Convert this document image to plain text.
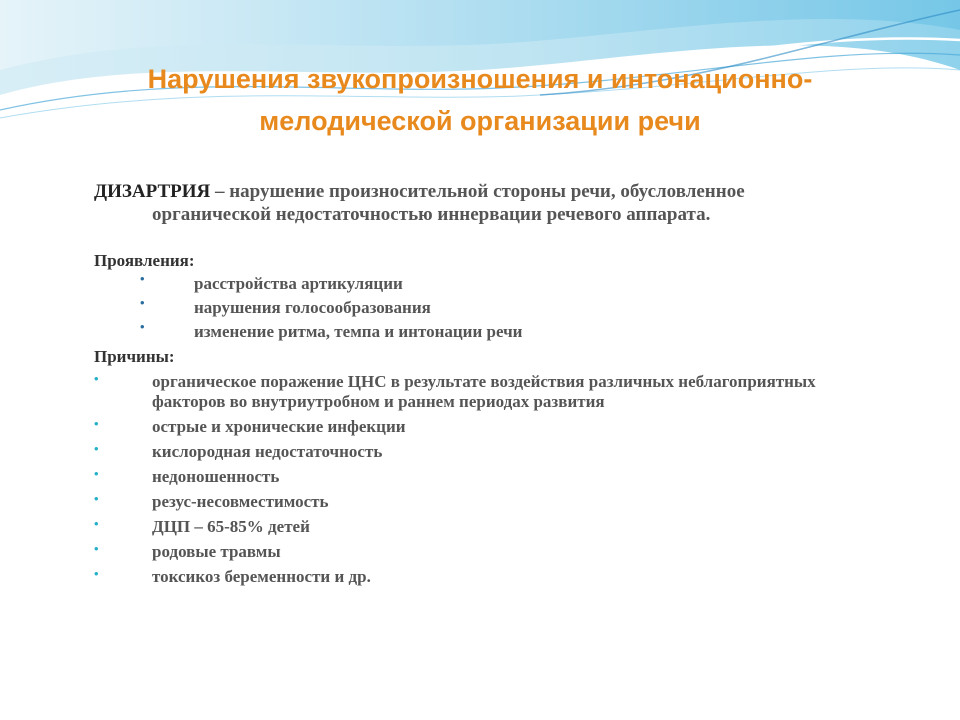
Нарушения звукопроизношения и интонационно-
мелодической организации речи

ДИЗАРТРИЯ – нарушение произносительной стороны речи, обусловленное органической недостаточностью иннервации речевого аппарата.

Проявления:

•	расстройства артикуляции
•	нарушения голосообразования
•	изменение ритма, темпа и интонации речи

Причины:

•	органическое поражение ЦНС в результате воздействия различных неблагоприятных факторов во внутриутробном и раннем периодах развития
•	острые и хронические инфекции
•	кислородная недостаточность
•	недоношенность
•	резус-несовместимость
•	ДЦП – 65-85% детей
•	родовые травмы
•	токсикоз беременности и др.
